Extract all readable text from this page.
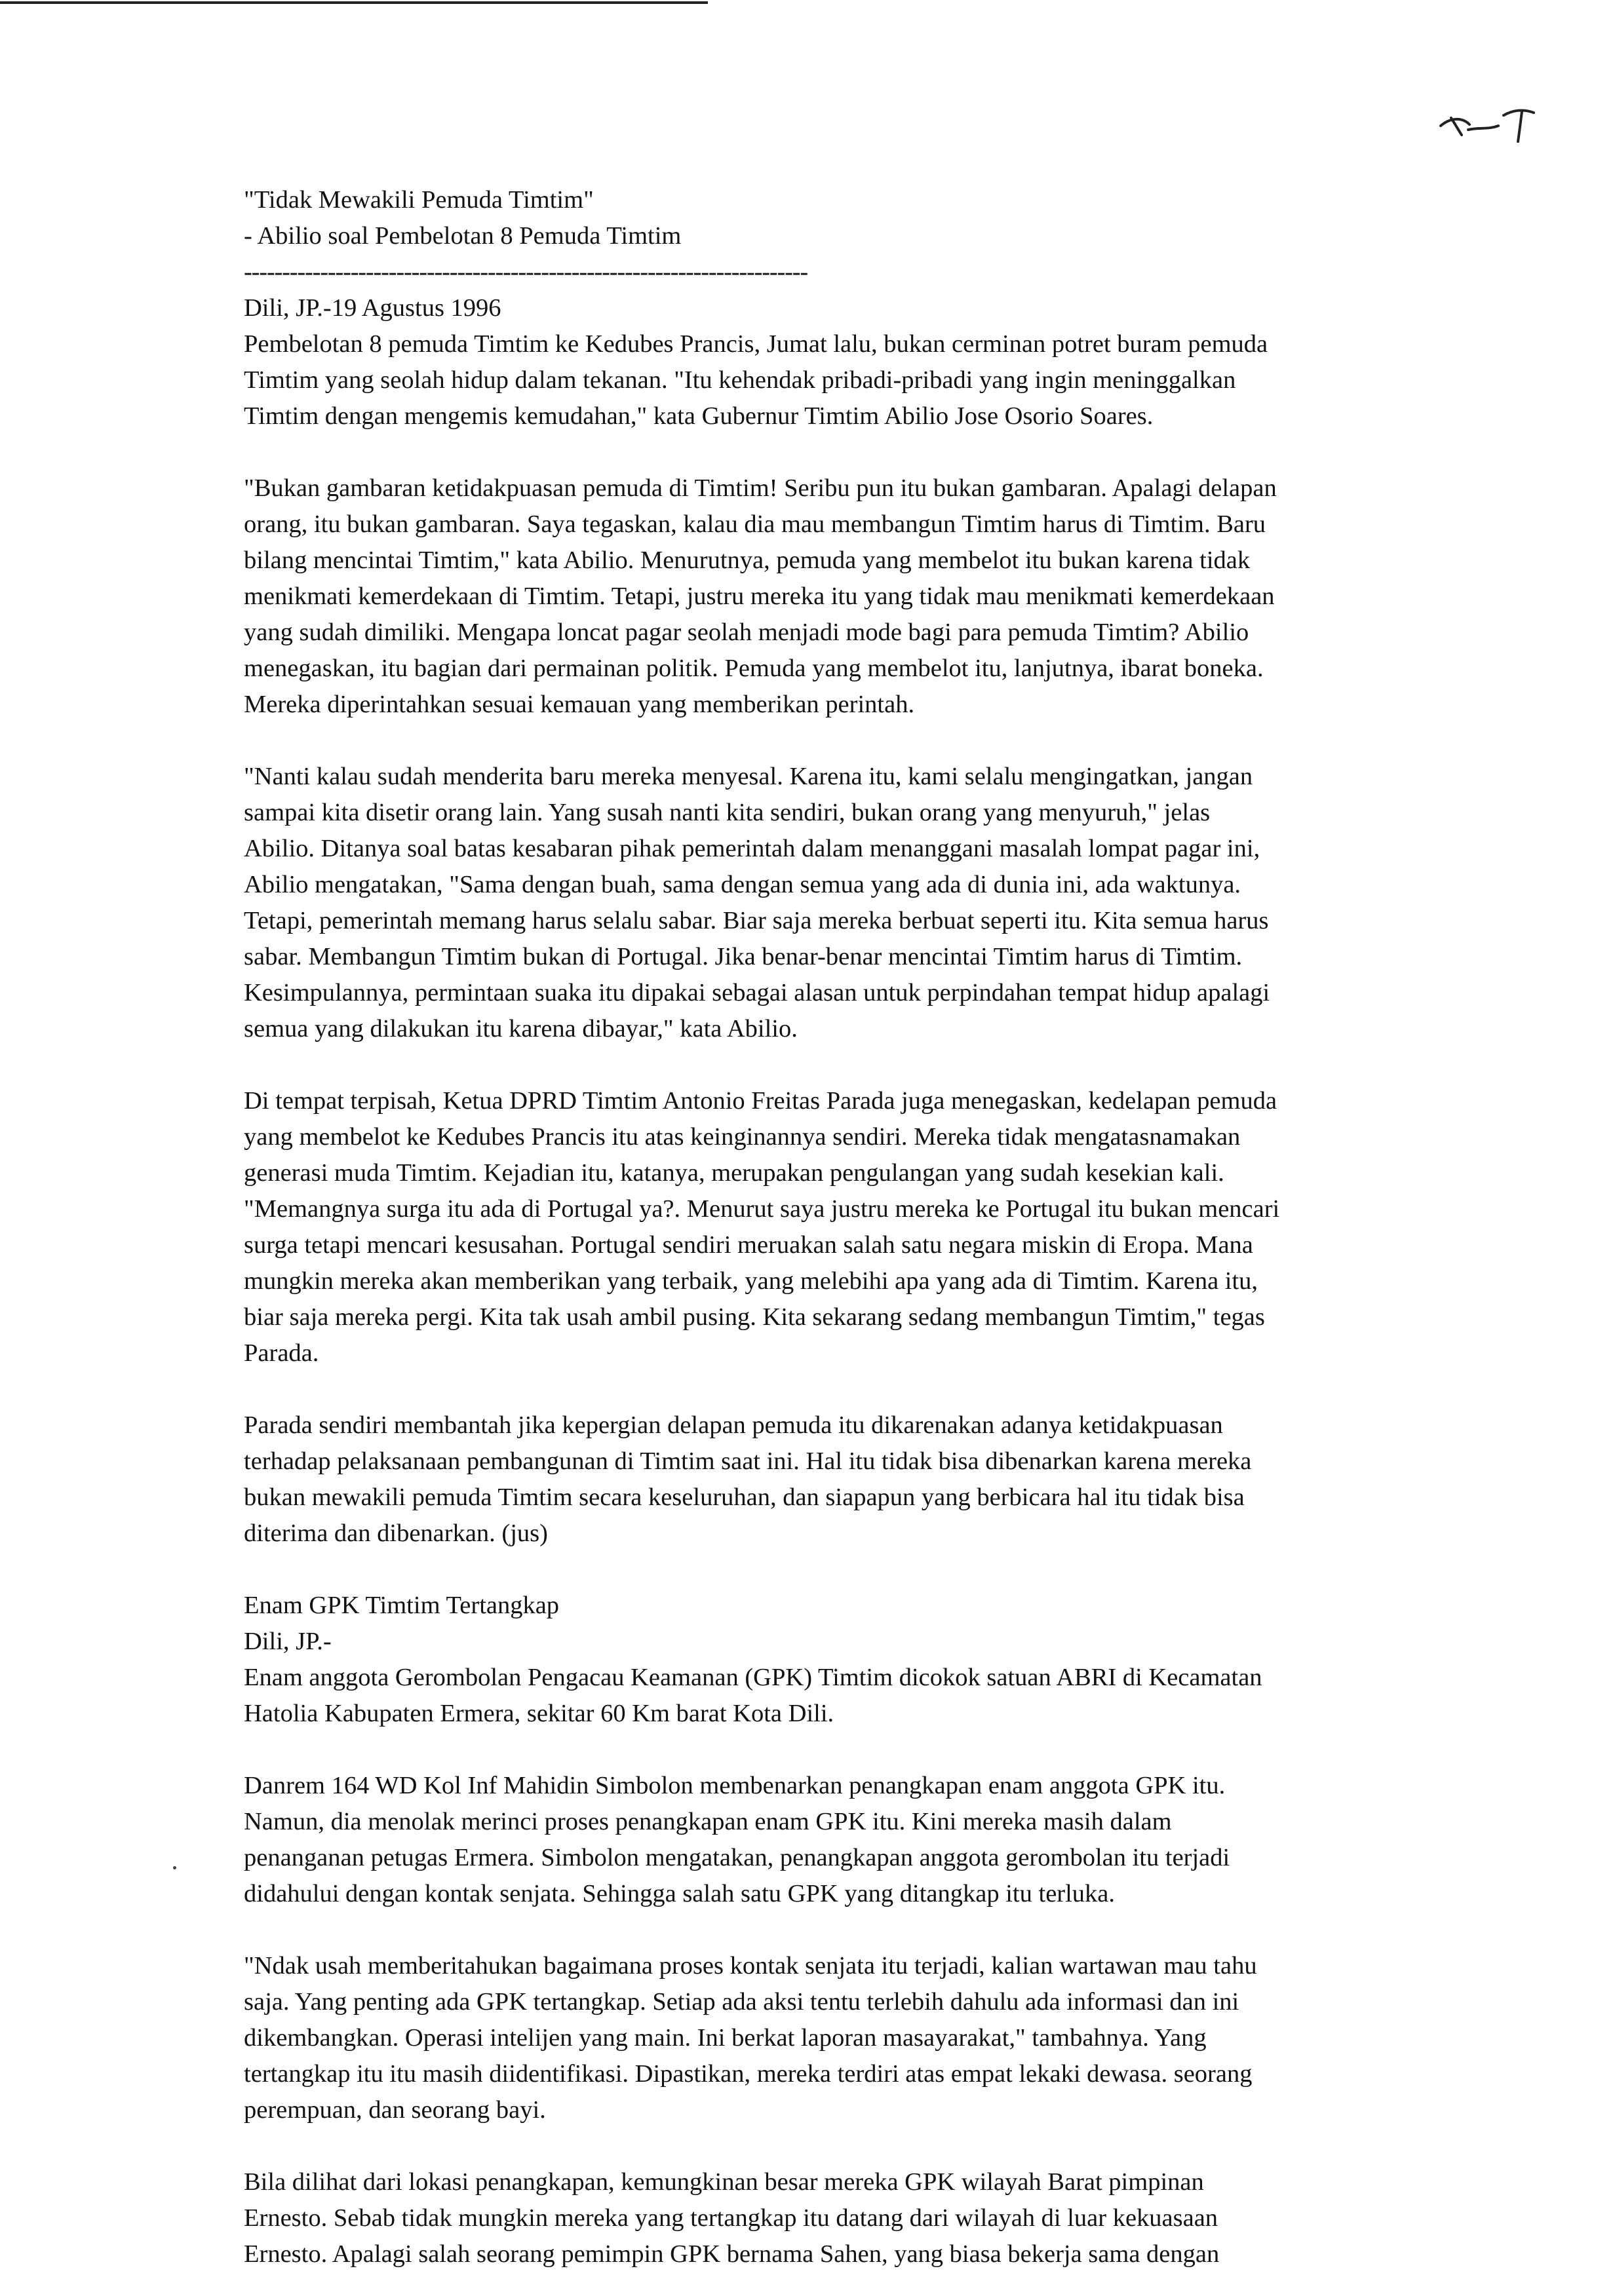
"Tidak Mewakili Pemuda Timtim"
- Abilio soal Pembelotan 8 Pemuda Timtim
--------------------------------------------------------------------------
Dili, JP.-19 Agustus 1996
Pembelotan 8 pemuda Timtim ke Kedubes Prancis, Jumat lalu, bukan cerminan potret buram pemuda
Timtim yang seolah hidup dalam tekanan. "Itu kehendak pribadi-pribadi yang ingin meninggalkan
Timtim dengan mengemis kemudahan," kata Gubernur Timtim Abilio Jose Osorio Soares.
"Bukan gambaran ketidakpuasan pemuda di Timtim! Seribu pun itu bukan gambaran. Apalagi delapan
orang, itu bukan gambaran. Saya tegaskan, kalau dia mau membangun Timtim harus di Timtim. Baru
bilang mencintai Timtim," kata Abilio. Menurutnya, pemuda yang membelot itu bukan karena tidak
menikmati kemerdekaan di Timtim. Tetapi, justru mereka itu yang tidak mau menikmati kemerdekaan
yang sudah dimiliki. Mengapa loncat pagar seolah menjadi mode bagi para pemuda Timtim? Abilio
menegaskan, itu bagian dari permainan politik. Pemuda yang membelot itu, lanjutnya, ibarat boneka.
Mereka diperintahkan sesuai kemauan yang memberikan perintah.
"Nanti kalau sudah menderita baru mereka menyesal. Karena itu, kami selalu mengingatkan, jangan
sampai kita disetir orang lain. Yang susah nanti kita sendiri, bukan orang yang menyuruh," jelas
Abilio. Ditanya soal batas kesabaran pihak pemerintah dalam menanggani masalah lompat pagar ini,
Abilio mengatakan, "Sama dengan buah, sama dengan semua yang ada di dunia ini, ada waktunya.
Tetapi, pemerintah memang harus selalu sabar. Biar saja mereka berbuat seperti itu. Kita semua harus
sabar. Membangun Timtim bukan di Portugal. Jika benar-benar mencintai Timtim harus di Timtim.
Kesimpulannya, permintaan suaka itu dipakai sebagai alasan untuk perpindahan tempat hidup apalagi
semua yang dilakukan itu karena dibayar," kata Abilio.
Di tempat terpisah, Ketua DPRD Timtim Antonio Freitas Parada juga menegaskan, kedelapan pemuda
yang membelot ke Kedubes Prancis itu atas keinginannya sendiri. Mereka tidak mengatasnamakan
generasi muda Timtim. Kejadian itu, katanya, merupakan pengulangan yang sudah kesekian kali.
"Memangnya surga itu ada di Portugal ya?. Menurut saya justru mereka ke Portugal itu bukan mencari
surga tetapi mencari kesusahan. Portugal sendiri meruakan salah satu negara miskin di Eropa. Mana
mungkin mereka akan memberikan yang terbaik, yang melebihi apa yang ada di Timtim. Karena itu,
biar saja mereka pergi. Kita tak usah ambil pusing. Kita sekarang sedang membangun Timtim," tegas
Parada.
Parada sendiri membantah jika kepergian delapan pemuda itu dikarenakan adanya ketidakpuasan
terhadap pelaksanaan pembangunan di Timtim saat ini. Hal itu tidak bisa dibenarkan karena mereka
bukan mewakili pemuda Timtim secara keseluruhan, dan siapapun yang berbicara hal itu tidak bisa
diterima dan dibenarkan. (jus)
Enam GPK Timtim Tertangkap
Dili, JP.-
Enam anggota Gerombolan Pengacau Keamanan (GPK) Timtim dicokok satuan ABRI di Kecamatan
Hatolia Kabupaten Ermera, sekitar 60 Km barat Kota Dili.
Danrem 164 WD Kol Inf Mahidin Simbolon membenarkan penangkapan enam anggota GPK itu.
Namun, dia menolak merinci proses penangkapan enam GPK itu. Kini mereka masih dalam
penanganan petugas Ermera. Simbolon mengatakan, penangkapan anggota gerombolan itu terjadi
didahului dengan kontak senjata. Sehingga salah satu GPK yang ditangkap itu terluka.
"Ndak usah memberitahukan bagaimana proses kontak senjata itu terjadi, kalian wartawan mau tahu
saja. Yang penting ada GPK tertangkap. Setiap ada aksi tentu terlebih dahulu ada informasi dan ini
dikembangkan. Operasi intelijen yang main. Ini berkat laporan masayarakat," tambahnya. Yang
tertangkap itu itu masih diidentifikasi. Dipastikan, mereka terdiri atas empat lekaki dewasa. seorang
perempuan, dan seorang bayi.
Bila dilihat dari lokasi penangkapan, kemungkinan besar mereka GPK wilayah Barat pimpinan
Ernesto. Sebab tidak mungkin mereka yang tertangkap itu datang dari wilayah di luar kekuasaan
Ernesto. Apalagi salah seorang pemimpin GPK bernama Sahen, yang biasa bekerja sama dengan
